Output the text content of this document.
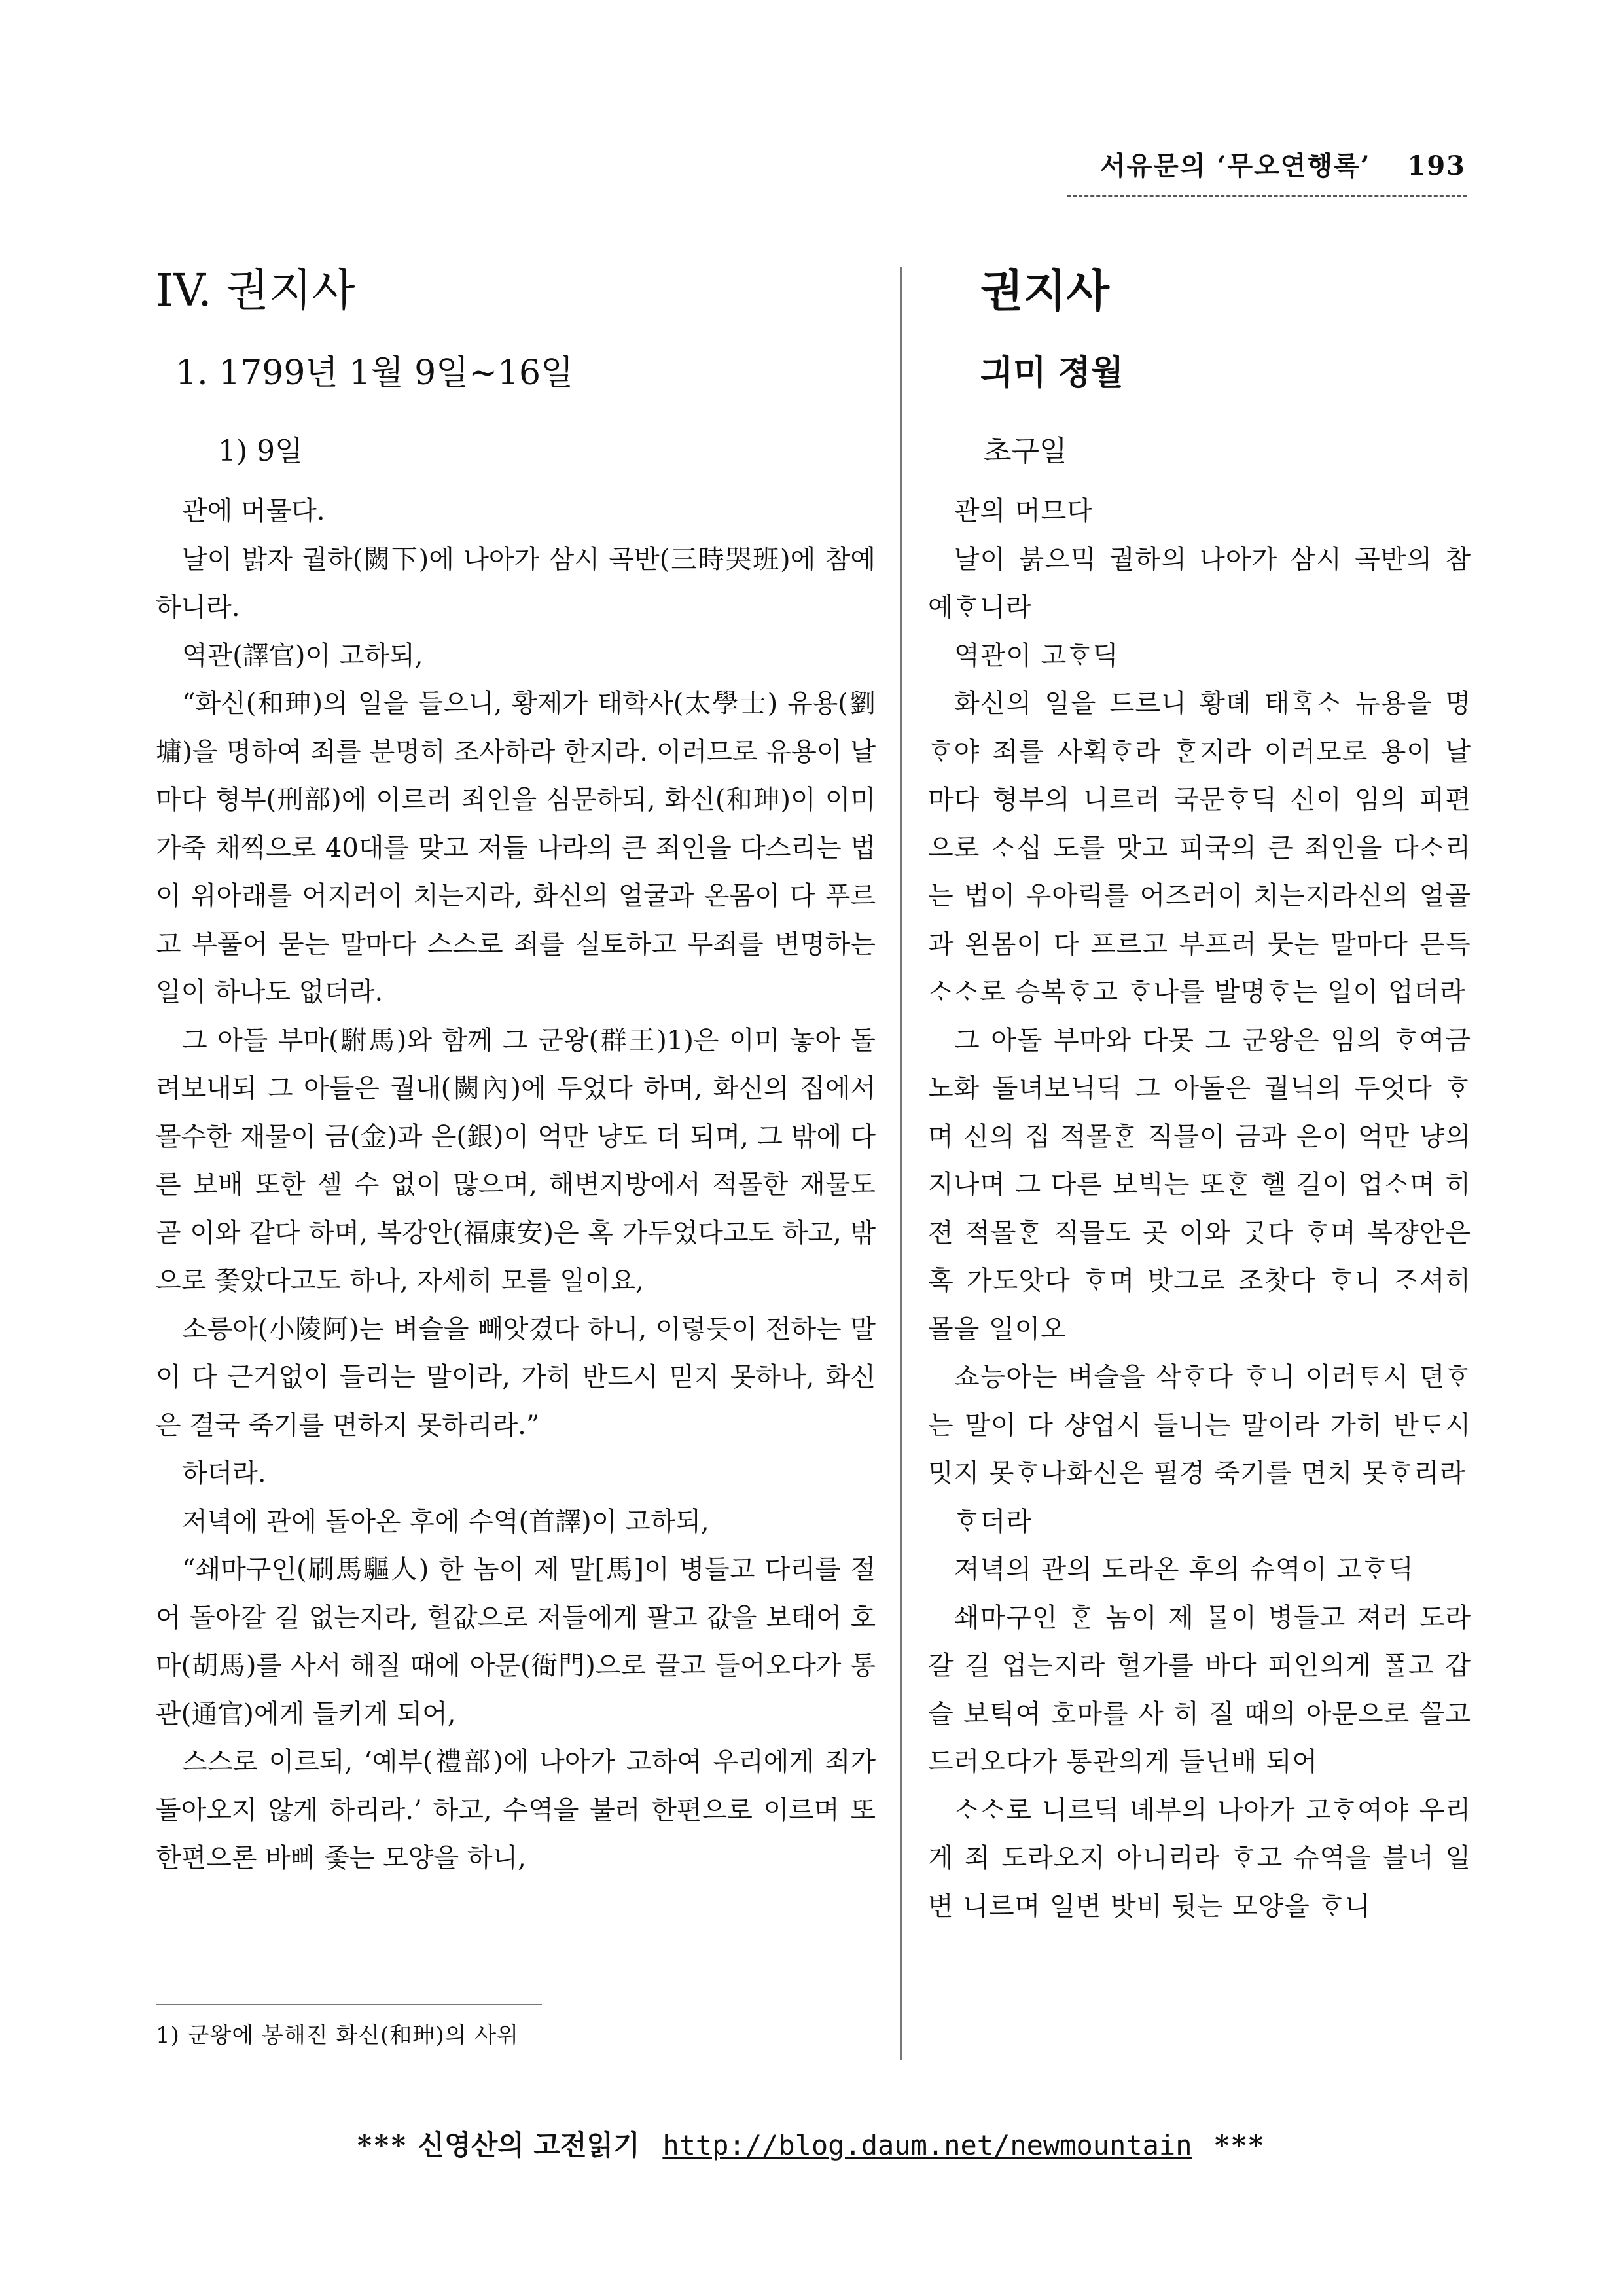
서유문의 ‘무오연행록’ 193
IV. 권지사
1. 1799년 1월 9일~16일
1) 9일

관에 머물다.

날이 밝자 궐하(闕下)에 나아가 삼시 곡반(三時哭班)에 참예하니라.

역관(譯官)이 고하되,

“화신(和珅)의 일을 들으니, 황제가 태학사(太學士) 유용(劉墉)을 명하여 죄를 분명히 조사하라 한지라. 이러므로 유용이 날마다 형부(刑部)에 이르러 죄인을 심문하되, 화신(和珅)이 이미 가죽 채찍으로 40대를 맞고 저들 나라의 큰 죄인을 다스리는 법이 위아래를 어지러이 치는지라, 화신의 얼굴과 온몸이 다 푸르고 부풀어 묻는 말마다 스스로 죄를 실토하고 무죄를 변명하는 일이 하나도 없더라.

그 아들 부마(駙馬)와 함께 그 군왕(群王)1)은 이미 놓아 돌려보내되 그 아들은 궐내(闕內)에 두었다 하며, 화신의 집에서 몰수한 재물이 금(金)과 은(銀)이 억만 냥도 더 되며, 그 밖에 다른 보배 또한 셀 수 없이 많으며, 해변지방에서 적몰한 재물도 곧 이와 같다 하며, 복강안(福康安)은 혹 가두었다고도 하고, 밖으로 쫓았다고도 하나, 자세히 모를 일이요,

소릉아(小陵阿)는 벼슬을 빼앗겼다 하니, 이렇듯이 전하는 말이 다 근거없이 들리는 말이라, 가히 반드시 믿지 못하나, 화신은 결국 죽기를 면하지 못하리라.”

하더라.

저녁에 관에 돌아온 후에 수역(首譯)이 고하되,

“쇄마구인(刷馬驅人) 한 놈이 제 말[馬]이 병들고 다리를 절어 돌아갈 길 없는지라, 헐값으로 저들에게 팔고 값을 보태어 호마(胡馬)를 사서 해질 때에 아문(衙門)으로 끌고 들어오다가 통관(通官)에게 들키게 되어,

스스로 이르되, ‘예부(禮部)에 나아가 고하여 우리에게 죄가 돌아오지 않게 하리라.’ 하고, 수역을 불러 한편으로 이르며 또 한편으론 바삐 좇는 모양을 하니,

권지사
긔미 졍월
초구일

관의 머므다

날이 붉으믹 궐하의 나아가 삼시 곡반의 참예ᄒᆞ니라

역관이 고ᄒᆞ딕

화신의 일을 드르니 황뎨 태ᄒᆞᆨᄉᆞ 뉴용을 명ᄒᆞ야 죄를 사획ᄒᆞ라 ᄒᆞᆫ지라 이러모로 용이 날마다 형부의 니르러 국문ᄒᆞ딕 신이 임의 피편으로 ᄉᆞ십 도를 맛고 피국의 큰 죄인을 다ᄉᆞ리는 법이 우아릭를 어즈러이 치는지라신의 얼골과 왼몸이 다 프르고 부프러 뭇는 말마다 믄득 ᄉᆞᄉᆞ로 승복ᄒᆞ고 ᄒᆞ나를 발명ᄒᆞ는 일이 업더라

그 아돌 부마와 다못 그 군왕은 임의 ᄒᆞ여금 노화 돌녀보닉딕 그 아돌은 궐닉의 두엇다 ᄒᆞ며 신의 집 적몰ᄒᆞᆫ 직믈이 금과 은이 억만 냥의 지나며 그 다른 보빅는 또ᄒᆞᆫ 헬 길이 업ᄉᆞ며 히젼 적몰ᄒᆞᆫ 직믈도 곳 이와 ᄀᆞᆺ다 ᄒᆞ며 복쟝안은 혹 가도앗다 ᄒᆞ며 밧그로 조찻다 ᄒᆞ니 ᄌᆞ셔히 몰을 일이오

쇼능아는 벼슬을 삭ᄒᆞ다 ᄒᆞ니 이러ᄐᆞ시 뎐ᄒᆞ는 말이 다 샹업시 들니는 말이라 가히 반ᄃᆞ시 밋지 못ᄒᆞ나화신은 필경 죽기를 면치 못ᄒᆞ리라

ᄒᆞ더라

져녁의 관의 도라온 후의 슈역이 고ᄒᆞ딕

쇄마구인 ᄒᆞᆫ 놈이 제 ᄆᆞᆯ이 병들고 져러 도라갈 길 업는지라 헐가를 바다 피인의게 ᄑᆞᆯ고 갑슬 보틱여 호마를 사 히 질 때의 아문으로 ᄭᅳᆯ고 드러오다가 통관의게 들닌배 되어

ᄉᆞᄉᆞ로 니르딕 녜부의 나아가 고ᄒᆞ여야 우리게 죄 도라오지 아니리라 ᄒᆞ고 슈역을 블너 일변 니르며 일변 밧비 뒷는 모양을 ᄒᆞ니

1) 군왕에 봉해진 화신(和珅)의 사위
*** 신영산의 고전읽기 http://blog.daum.net/newmountain ***
